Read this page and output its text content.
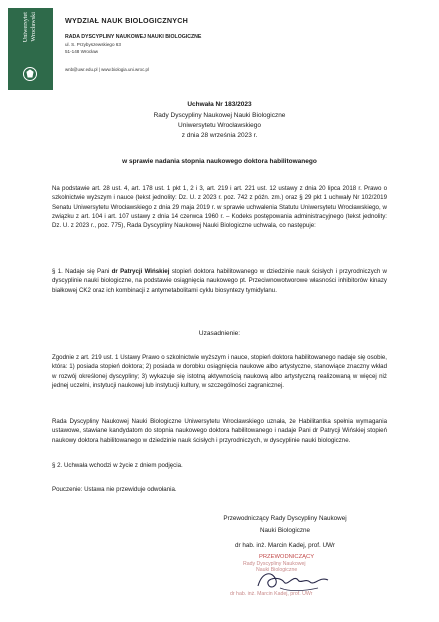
Uniwersytet Wrocławski	WYDZIAŁ NAUK BIOLOGICZNYCH
RADA DYSCYPLINY NAUKOWEJ NAUKI BIOLOGICZNE
ul. S. Przybyszewskiego 63
51-148 Wrocław
wnb@uwr.edu.pl | www.biologia.uni.wroc.pl
Uchwała Nr 183/2023
Rady Dyscypliny Naukowej Nauki Biologiczne
Uniwersytetu Wrocławskiego
z dnia 28 września 2023 r.
w sprawie nadania stopnia naukowego doktora habilitowanego
Na podstawie art. 28 ust. 4, art. 178 ust. 1 pkt 1, 2 i 3, art. 219 i art. 221 ust. 12 ustawy z dnia 20 lipca 2018 r. Prawo o szkolnictwie wyższym i nauce (tekst jednolity: Dz. U. z 2023 r. poz. 742 z późn. zm.) oraz § 29 pkt 1 uchwały Nr 102/2019 Senatu Uniwersytetu Wrocławskiego z dnia 29 maja 2019 r. w sprawie uchwalenia Statutu Uniwersytetu Wrocławskiego, w związku z art. 104 i art. 107 ustawy z dnia 14 czerwca 1960 r. – Kodeks postępowania administracyjnego (tekst jednolity: Dz. U. z 2023 r., poz. 775), Rada Dyscypliny Naukowej Nauki Biologiczne uchwala, co następuje:
§ 1. Nadaje się Pani dr Patrycji Wińskiej stopień doktora habilitowanego w dziedzinie nauk ścisłych i przyrodniczych w dyscyplinie nauki biologiczne, na podstawie osiągnięcia naukowego pt. Przeciwnowotworowe własności inhibitorów kinazy białkowej CK2 oraz ich kombinacji z antymetabolitami cyklu biosyntezy tymidylanu.
Uzasadnienie:
Zgodnie z art. 219 ust. 1 Ustawy Prawo o szkolnictwie wyższym i nauce, stopień doktora habilitowanego nadaje się osobie, która: 1) posiada stopień doktora; 2) posiada w dorobku osiągnięcia naukowe albo artystyczne, stanowiące znaczny wkład w rozwój określonej dyscypliny; 3) wykazuje się istotną aktywnością naukową albo artystyczną realizowaną w więcej niż jednej uczelni, instytucji naukowej lub instytucji kultury, w szczególności zagranicznej.
Rada Dyscypliny Naukowej Nauki Biologiczne Uniwersytetu Wrocławskiego uznała, że Habilitantka spełnia wymagania ustawowe, stawiane kandydatom do stopnia naukowego doktora habilitowanego i nadaje Pani dr Patrycji Wińskiej stopień naukowy doktora habilitowanego w dziedzinie nauk ścisłych i przyrodniczych, w dyscyplinie nauki biologiczne.
§ 2. Uchwała wchodzi w życie z dniem podjęcia.
Pouczenie: Ustawa nie przewiduje odwołania.
Przewodniczący Rady Dyscypliny Naukowej
Nauki Biologiczne
dr hab. inż. Marcin Kadej, prof. UWr
PRZEWODNICZĄCY
Rady Dyscypliny Naukowej
Nauki Biologiczne
dr hab. inż. Marcin Kadej, prof. UWr
